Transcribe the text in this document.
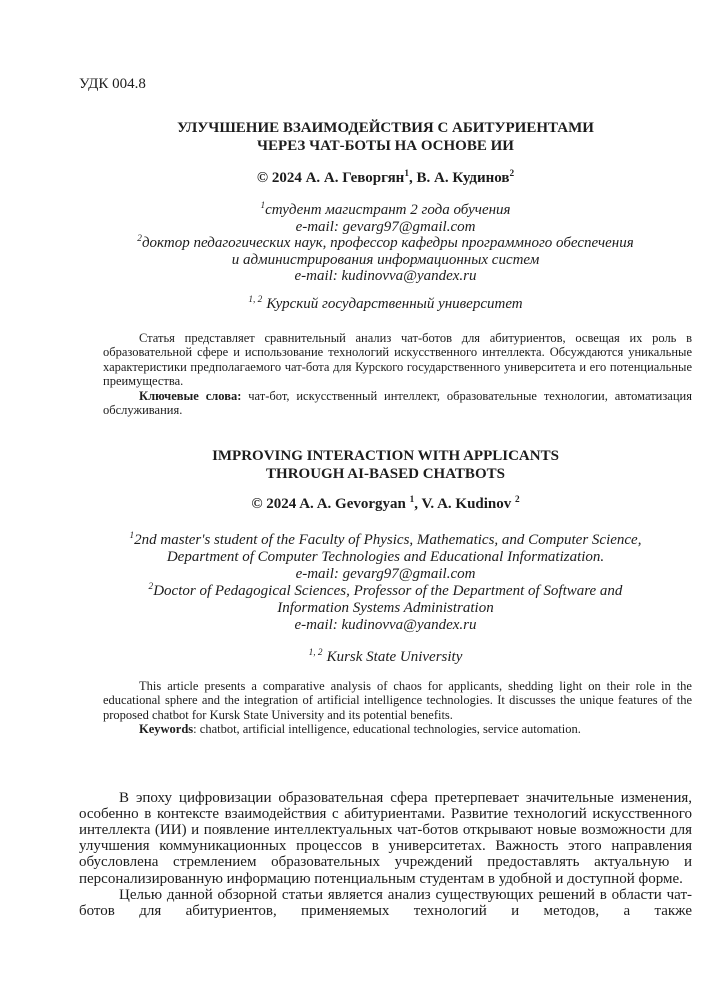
УДК 004.8
УЛУЧШЕНИЕ ВЗАИМОДЕЙСТВИЯ С АБИТУРИЕНТАМИ
ЧЕРЕЗ ЧАТ-БОТЫ НА ОСНОВЕ ИИ
© 2024 А. А. Геворгян$^1$, В. А. Кудинов$^2$
$^1$студент магистрант 2 года обучения
e-mail: gevarg97@gmail.com
$^2$доктор педагогических наук, профессор кафедры программного обеспечения
и администрирования информационных систем
e-mail: kudinovva@yandex.ru
$^{1, 2}$ Курский государственный университет

Статья представляет сравнительный анализ чат-ботов для абитуриентов, освещая их роль в образовательной сфере и использование технологий искусственного интеллекта. Обсуждаются уникальные характеристики предполагаемого чат-бота для Курского государственного университета и его потенциальные преимущества.

Ключевые слова: чат-бот, искусственный интеллект, образовательные технологии, автоматизация обслуживания.

IMPROVING INTERACTION WITH APPLICANTS
THROUGH AI-BASED CHATBOTS
© 2024 A. A. Gevorgyan $^1$, V. A. Kudinov $^2$
$^1$2nd master's student of the Faculty of Physics, Mathematics, and Computer Science,
Department of Computer Technologies and Educational Informatization.
e-mail: gevarg97@gmail.com
$^2$Doctor of Pedagogical Sciences, Professor of the Department of Software and
Information Systems Administration
e-mail: kudinovva@yandex.ru
$^{1, 2}$ Kursk State University

This article presents a comparative analysis of chaos for applicants, shedding light on their role in the educational sphere and the integration of artificial intelligence technologies. It discusses the unique features of the proposed chatbot for Kursk State University and its potential benefits.

Keywords: chatbot, artificial intelligence, educational technologies, service automation.

В эпоху цифровизации образовательная сфера претерпевает значительные изменения, особенно в контексте взаимодействия с абитуриентами. Развитие технологий искусственного интеллекта (ИИ) и появление интеллектуальных чат-ботов открывают новые возможности для улучшения коммуникационных процессов в университетах. Важность этого направления обусловлена стремлением образовательных учреждений предоставлять актуальную и персонализированную информацию потенциальным студентам в удобной и доступной форме.

Целью данной обзорной статьи является анализ существующих решений в области чат-ботов для абитуриентов, применяемых технологий и методов, а также
